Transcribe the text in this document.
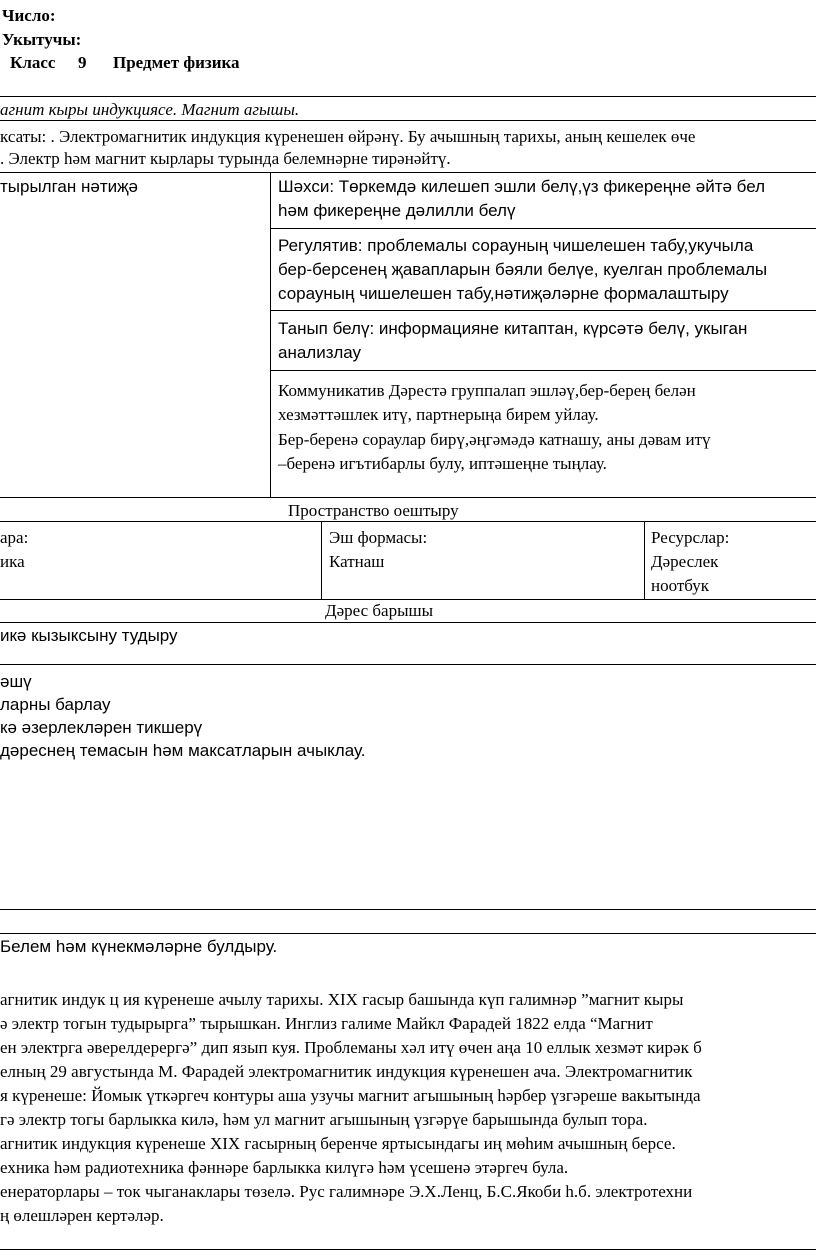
Число:
Укытучы:
Класс 9 Предмет физика
агнит кыры индукциясе. Магнит агышы.
ксаты: . Электромагнитик индукция күренешен өйрәнү. Бу ачышның тарихы, аның кешелек өче
. Электр һәм магнит кырлары турында белемнәрне тирәнәйтү.
тырылган нәтиҗә	Шәхси: Төркемдә килешеп эшли белү,үз фикереңне әйтә бел
һәм фикереңне дәлилли белү
Регулятив: проблемалы сорауның чишелешен табу,укучыла
бер-берсенең җавапларын бәяли белүе, куелган проблемалы
сорауның чишелешен табу,нәтиҗәләрне формалаштыру
Танып белү: информацияне китаптан, күрсәтә белү, укыган
анализлау
Коммуникатив Дәрестә группалап эшләү,бер-берең белән
хезмәттәшлек итү, партнерыңа бирем уйлау.
Бер-беренә сораулар бирү,әңгәмәдә катнашу, аны дәвам итү
–беренә игътибарлы булу, иптәшеңне тыңлау.
Пространство оештыру
ара:
ика
Эш формасы:
Катнаш
Ресурслар:
Дәреслек
ноотбук
Дәрес барышы
икә кызыксыну тудыру
әшү
ларны барлау
кә әзерлекләрен тикшерү
дәреснең темасын һәм максатларын ачыклау.
Белем һәм күнекмәләрне булдыру.
агнитик индук ц ия күренеше ачылу тарихы. XIX гасыр башында күп галимнәр ”магнит кыры
ә электр тогын тудырырга” тырышкан. Инглиз галиме Майкл Фарадей 1822 елда “Магнит
ен электрга әверелдерергә” дип язып куя. Проблеманы хәл итү өчен аңа 10 еллык хезмәт кирәк б
елның 29 августында М. Фарадей электромагнитик индукция күренешен ача. Электромагнитик
я күренеше: Йомык үткәргеч контуры аша узучы магнит агышының һәрбер үзгәреше вакытында
гә электр тогы барлыкка килә, һәм ул магнит агышының үзгәрүе барышында булып тора.
агнитик индукция күренеше XIX гасырның беренче яртысындагы иң мөһим ачышның берсе.
ехника һәм радиотехника фәннәре барлыкка килүгә һәм үсешенә этәргеч була.
енераторлары – ток чыганаклары төзелә. Рус галимнәре Э.Х.Ленц, Б.С.Якоби һ.б. электротехни
ң өлешләрен кертәләр.
